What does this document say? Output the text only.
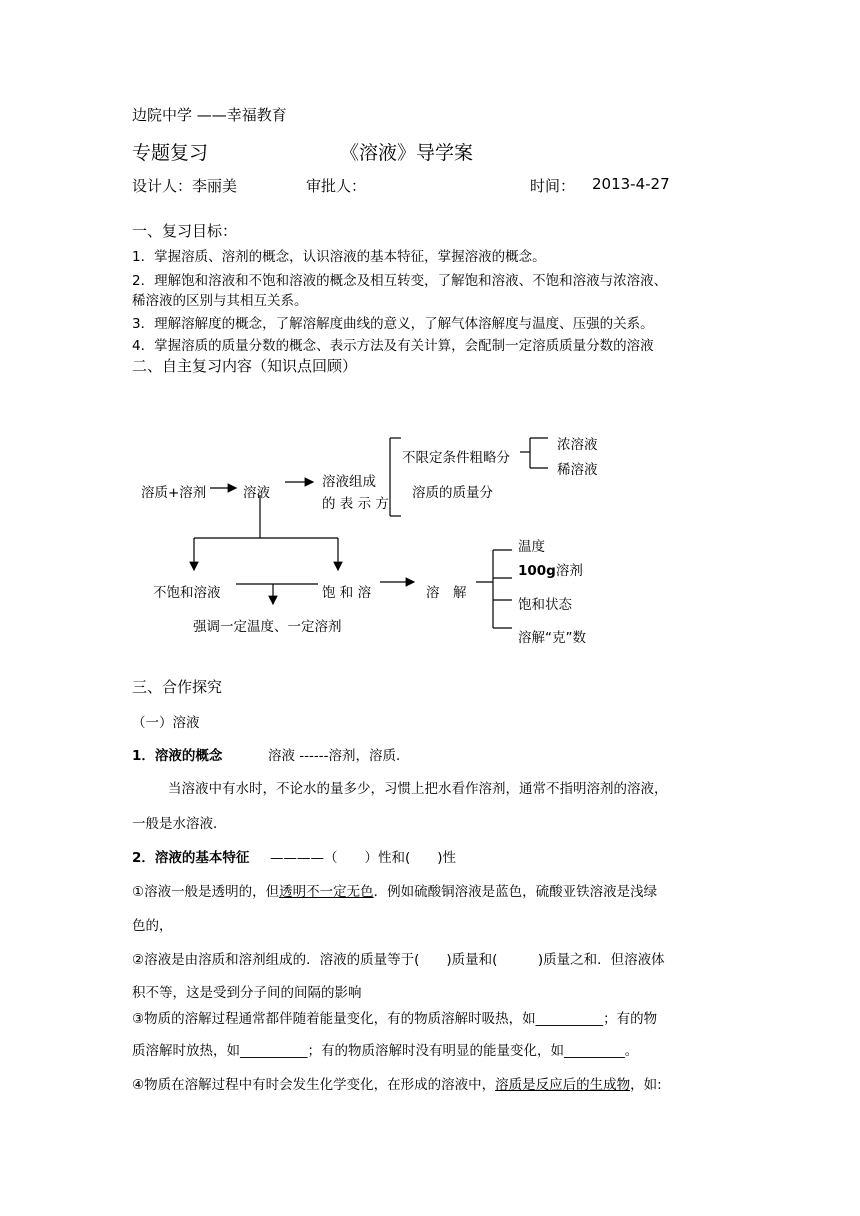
边院中学 ——幸福教育
专题复习	《溶液》导学案
设计人：李丽美	审批人：	时间： 2013-4-27
一、复习目标：
1．掌握溶质、溶剂的概念，认识溶液的基本特征，掌握溶液的概念。
2．理解饱和溶液和不饱和溶液的概念及相互转变，了解饱和溶液、不饱和溶液与浓溶液、
稀溶液的区别与其相互关系。
3．理解溶解度的概念，了解溶解度曲线的意义，了解气体溶解度与温度、压强的关系。
4．掌握溶质的质量分数的概念、表示方法及有关计算，会配制一定溶质质量分数的溶液
二、自主复习内容（知识点回顾）
溶质+溶剂	溶液
溶液组成
的 表 示 方
不限定条件粗略分
浓溶液
稀溶液
溶质的质量分
不饱和溶液	饱 和 溶
强调一定温度、一定溶剂
溶　解
温度
100g溶剂
饱和状态
溶解“克”数
三、合作探究
（一）溶液
1．溶液的概念	溶液 ------溶剂，溶质．
当溶液中有水时，不论水的量多少，习惯上把水看作溶剂，通常不指明溶剂的溶液，
一般是水溶液．
2．溶液的基本特征 ————（　　）性和(　　)性
①溶液一般是透明的，但透明不一定无色．例如硫酸铜溶液是蓝色，硫酸亚铁溶液是浅绿
色的，
②溶液是由溶质和溶剂组成的．溶液的质量等于(　　)质量和(　　　)质量之和．但溶液体
积不等，这是受到分子间的间隔的影响
③物质的溶解过程通常都伴随着能量变化，有的物质溶解时吸热，如__________；有的物
质溶解时放热，如__________；有的物质溶解时没有明显的能量变化，如_________。
④物质在溶解过程中有时会发生化学变化，在形成的溶液中，溶质是反应后的生成物，如:
